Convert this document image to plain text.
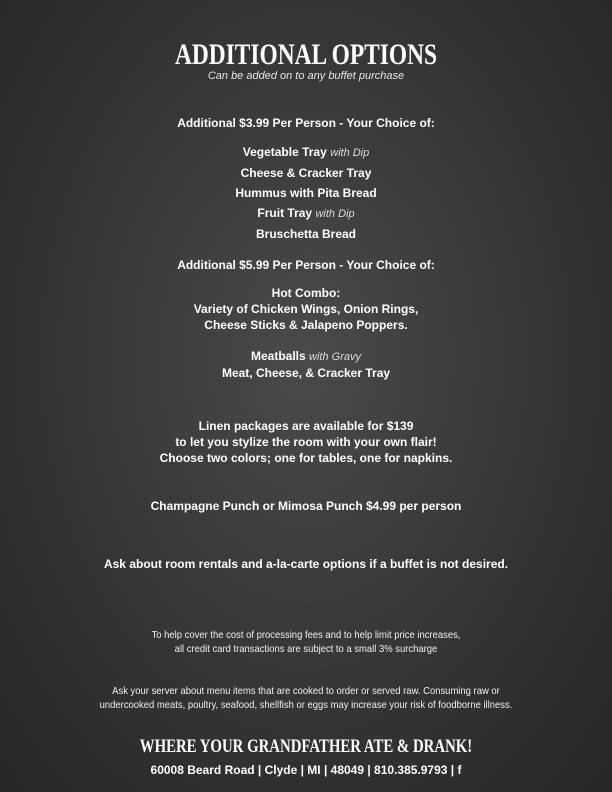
ADDITIONAL OPTIONS
Can be added on to any buffet purchase
Additional $3.99 Per Person - Your Choice of:
Vegetable Tray with Dip
Cheese & Cracker Tray
Hummus with Pita Bread
Fruit Tray with Dip
Bruschetta Bread
Additional $5.99 Per Person - Your Choice of:
Hot Combo:
Variety of Chicken Wings, Onion Rings,
Cheese Sticks & Jalapeno Poppers.
Meatballs with Gravy
Meat, Cheese, & Cracker Tray
Linen packages are available for $139
to let you stylize the room with your own flair!
Choose two colors; one for tables, one for napkins.
Champagne Punch or Mimosa Punch $4.99 per person
Ask about room rentals and a-la-carte options if a buffet is not desired.
To help cover the cost of processing fees and to help limit price increases,
all credit card transactions are subject to a small 3% surcharge
Ask your server about menu items that are cooked to order or served raw. Consuming raw or
undercooked meats, poultry, seafood, shellfish or eggs may increase your risk of foodborne illness.
WHERE YOUR GRANDFATHER ATE & DRANK!
60008 Beard Road | Clyde | MI | 48049 | 810.385.9793 | f
